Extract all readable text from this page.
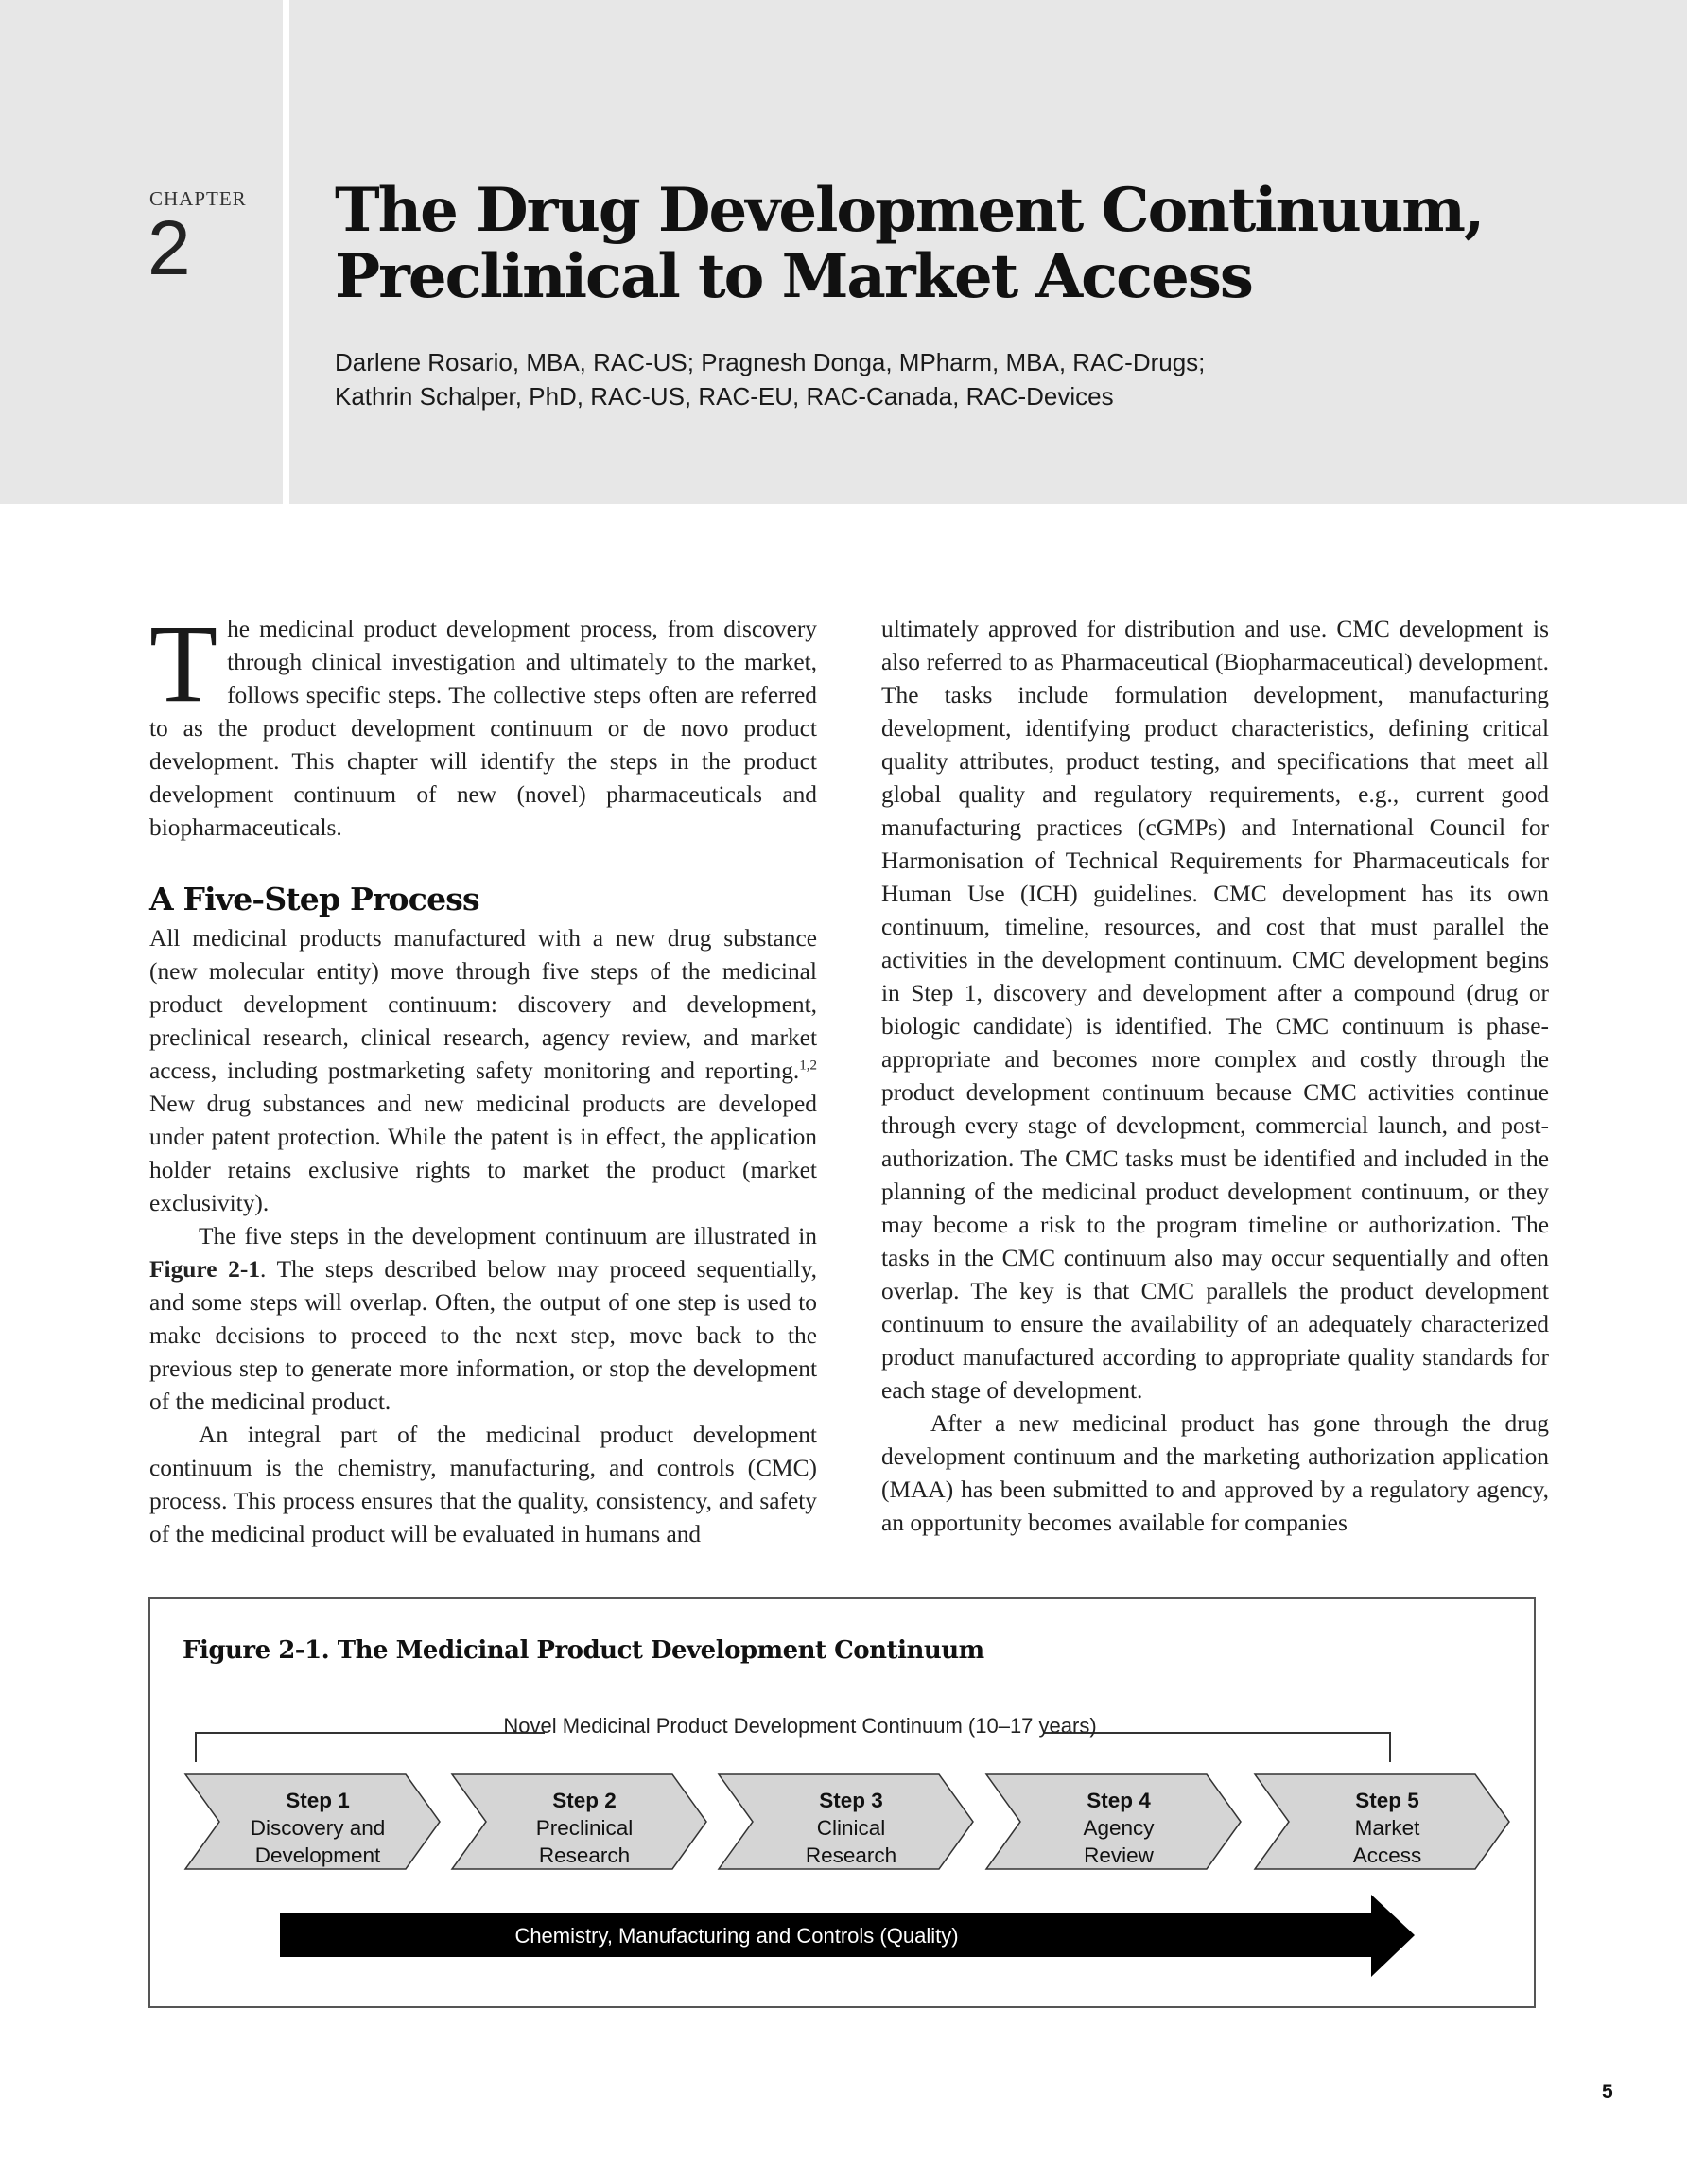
CHAPTER
2 The Drug Development Continuum,
Preclinical to Market Access
Darlene Rosario, MBA, RAC-US; Pragnesh Donga, MPharm, MBA, RAC-Drugs;
Kathrin Schalper, PhD, RAC-US, RAC-EU, RAC-Canada, RAC-Devices

The medicinal product development process, from discovery through clinical investigation and ultimately to the market, follows specific steps. The collective steps often are referred to as the product development continuum or de novo product development. This chapter will identify the steps in the product development continuum of new (novel) pharmaceuticals and biopharmaceuticals.

A Five-Step Process

All medicinal products manufactured with a new drug substance (new molecular entity) move through five steps of the medicinal product development continuum: discovery and development, preclinical research, clinical research, agency review, and market access, including postmarketing safety monitoring and reporting.$^{1,2}$ New drug substances and new medicinal products are developed under patent protection. While the patent is in effect, the application holder retains exclusive rights to market the product (market exclusivity).

The five steps in the development continuum are illustrated in Figure 2-1. The steps described below may proceed sequentially, and some steps will overlap. Often, the output of one step is used to make decisions to proceed to the next step, move back to the previous step to generate more information, or stop the development of the medicinal product.

An integral part of the medicinal product development continuum is the chemistry, manufacturing, and controls (CMC) process. This process ensures that the quality, consistency, and safety of the medicinal product will be evaluated in humans and

ultimately approved for distribution and use. CMC development is also referred to as Pharmaceutical (Biopharmaceutical) development. The tasks include formulation development, manufacturing development, identifying product characteristics, defining critical quality attributes, product testing, and specifications that meet all global quality and regulatory requirements, e.g., current good manufacturing practices (cGMPs) and International Council for Harmonisation of Technical Requirements for Pharmaceuticals for Human Use (ICH) guidelines. CMC development has its own continuum, timeline, resources, and cost that must parallel the activities in the development continuum. CMC development begins in Step 1, discovery and development after a compound (drug or biologic candidate) is identified. The CMC continuum is phase-appropriate and becomes more complex and costly through the product development continuum because CMC activities continue through every stage of development, commercial launch, and post-authorization. The CMC tasks must be identified and included in the planning of the medicinal product development continuum, or they may become a risk to the program timeline or authorization. The tasks in the CMC continuum also may occur sequentially and often overlap. The key is that CMC parallels the product development continuum to ensure the availability of an adequately characterized product manufactured according to appropriate quality standards for each stage of development.

After a new medicinal product has gone through the drug development continuum and the marketing authorization application (MAA) has been submitted to and approved by a regulatory agency, an opportunity becomes available for companies

Figure 2-1. The Medicinal Product Development Continuum
Novel Medicinal Product Development Continuum (10–17 years)
Step 1
Discovery and
Development
Step 2
Preclinical
Research
Step 3
Clinical
Research
Step 4
Agency
Review
Step 5
Market
Access
Chemistry, Manufacturing and Controls (Quality)
5
